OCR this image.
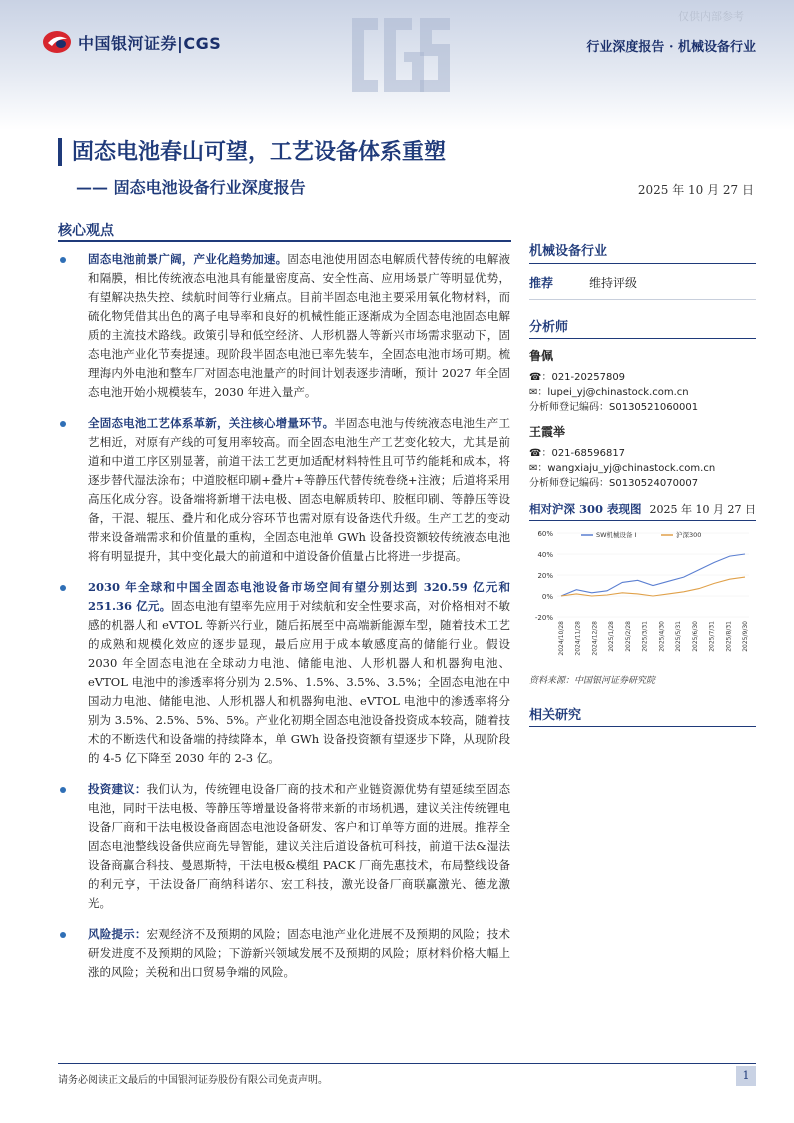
中国银河证券|CGS
仅供内部参考
行业深度报告 · 机械设备行业
固态电池春山可望，工艺设备体系重塑
—— 固态电池设备行业深度报告	2025 年 10 月 27 日
核心观点
固态电池前景广阔，产业化趋势加速。固态电池使用固态电解质代替传统的电解液和隔膜，相比传统液态电池具有能量密度高、安全性高、应用场景广等明显优势，有望解决热失控、续航时间等行业痛点。目前半固态电池主要采用氧化物材料，而硫化物凭借其出色的离子电导率和良好的机械性能正逐渐成为全固态电池固态电解质的主流技术路线。政策引导和低空经济、人形机器人等新兴市场需求驱动下，固态电池产业化节奏提速。现阶段半固态电池已率先装车，全固态电池市场可期。梳理海内外电池和整车厂对固态电池量产的时间计划表逐步清晰，预计 2027 年全固态电池开始小规模装车，2030 年进入量产。
全固态电池工艺体系革新，关注核心增量环节。半固态电池与传统液态电池生产工艺相近，对原有产线的可复用率较高。而全固态电池生产工艺变化较大，尤其是前道和中道工序区别显著，前道干法工艺更加适配材料特性且可节约能耗和成本，将逐步替代湿法涂布；中道胶框印刷+叠片+等静压代替传统卷绕+注液；后道将采用高压化成分容。设备端将新增干法电极、固态电解质转印、胶框印刷、等静压等设备，干混、辊压、叠片和化成分容环节也需对原有设备迭代升级。生产工艺的变动带来设备端需求和价值量的重构，全固态电池单 GWh 设备投资额较传统液态电池将有明显提升，其中变化最大的前道和中道设备价值量占比将进一步提高。
2030 年全球和中国全固态电池设备市场空间有望分别达到 320.59 亿元和 251.36 亿元。固态电池有望率先应用于对续航和安全性要求高，对价格相对不敏感的机器人和 eVTOL 等新兴行业，随后拓展至中高端新能源车型，随着技术工艺的成熟和规模化效应的逐步显现，最后应用于成本敏感度高的储能行业。假设 2030 年全固态电池在全球动力电池、储能电池、人形机器人和机器狗电池、eVTOL 电池中的渗透率将分别为 2.5%、1.5%、3.5%、3.5%；全固态电池在中国动力电池、储能电池、人形机器人和机器狗电池、eVTOL 电池中的渗透率将分别为 3.5%、2.5%、5%、5%。产业化初期全固态电池设备投资成本较高，随着技术的不断迭代和设备端的持续降本，单 GWh 设备投资额有望逐步下降，从现阶段的 4-5 亿下降至 2030 年的 2-3 亿。
投资建议：我们认为，传统锂电设备厂商的技术和产业链资源优势有望延续至固态电池，同时干法电极、等静压等增量设备将带来新的市场机遇，建议关注传统锂电设备厂商和干法电极设备商固态电池设备研发、客户和订单等方面的进展。推荐全固态电池整线设备供应商先导智能，建议关注后道设备杭可科技，前道干法&湿法设备商赢合科技、曼恩斯特，干法电极&模组 PACK 厂商先惠技术，布局整线设备的利元亨，干法设备厂商纳科诺尔、宏工科技，激光设备厂商联赢激光、德龙激光。
风险提示：宏观经济不及预期的风险；固态电池产业化进展不及预期的风险；技术研发进度不及预期的风险；下游新兴领域发展不及预期的风险；原材料价格大幅上涨的风险；关税和出口贸易争端的风险。
机械设备行业
推荐	维持评级
分析师
鲁佩
☎：021-20257809
✉：lupei_yj@chinastock.com.cn
分析师登记编码：S0130521060001
王霞举
☎：021-68596817
✉：wangxiaju_yj@chinastock.com.cn
分析师登记编码：S0130524070007
相对沪深 300 表现图 2025 年 10 月 27 日
60%
40%
20%
0%
-20%
2024/10/28 2024/11/28 2024/12/28 2025/1/28 2025/2/28 2025/3/31 2025/4/30 2025/5/31 2025/6/30 2025/7/31 2025/8/31 2025/9/30
SW机械设备 I	沪深300
资料来源：中国银河证券研究院
相关研究
请务必阅读正文最后的中国银河证券股份有限公司免责声明。	1
